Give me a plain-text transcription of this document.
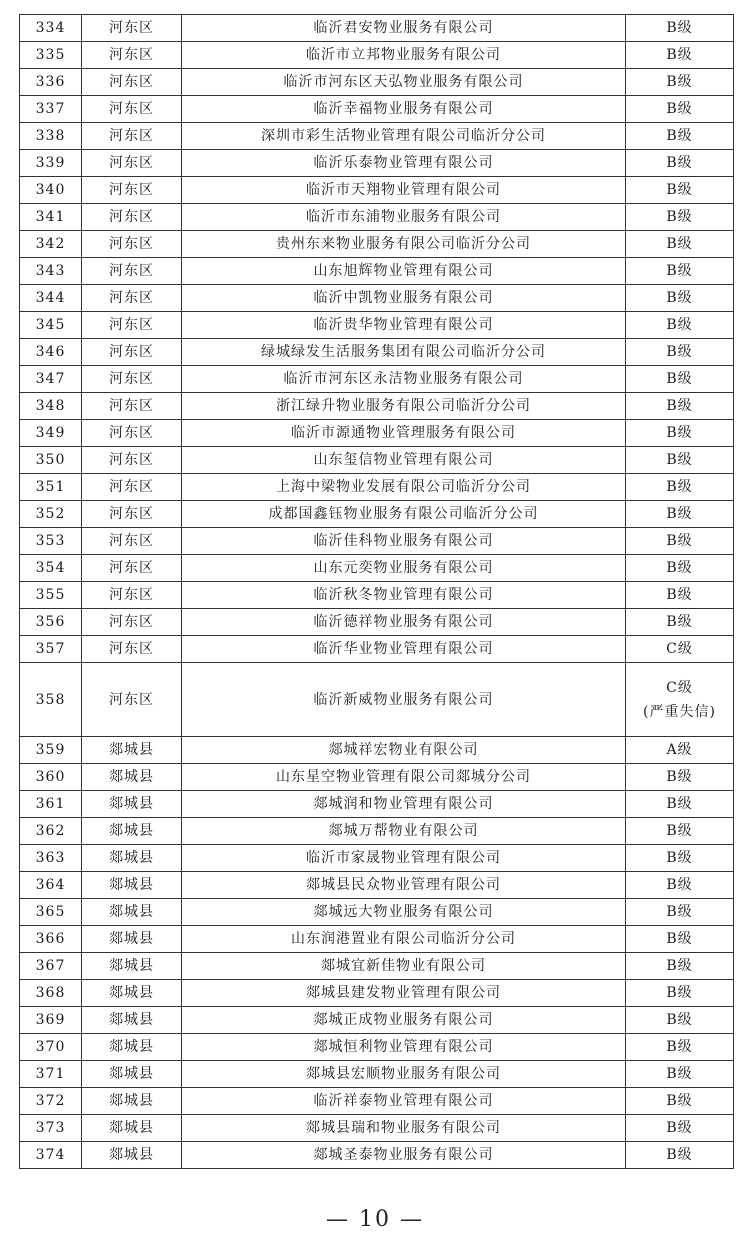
334	河东区	临沂君安物业服务有限公司	B级
335	河东区	临沂市立邦物业服务有限公司	B级
336	河东区	临沂市河东区天弘物业服务有限公司	B级
337	河东区	临沂幸福物业服务有限公司	B级
338	河东区	深圳市彩生活物业管理有限公司临沂分公司	B级
339	河东区	临沂乐泰物业管理有限公司	B级
340	河东区	临沂市天翔物业管理有限公司	B级
341	河东区	临沂市东浦物业服务有限公司	B级
342	河东区	贵州东来物业服务有限公司临沂分公司	B级
343	河东区	山东旭辉物业管理有限公司	B级
344	河东区	临沂中凯物业服务有限公司	B级
345	河东区	临沂贵华物业管理有限公司	B级
346	河东区	绿城绿发生活服务集团有限公司临沂分公司	B级
347	河东区	临沂市河东区永洁物业服务有限公司	B级
348	河东区	浙江绿升物业服务有限公司临沂分公司	B级
349	河东区	临沂市源通物业管理服务有限公司	B级
350	河东区	山东玺信物业管理有限公司	B级
351	河东区	上海中梁物业发展有限公司临沂分公司	B级
352	河东区	成都国鑫钰物业服务有限公司临沂分公司	B级
353	河东区	临沂佳科物业服务有限公司	B级
354	河东区	山东元奕物业服务有限公司	B级
355	河东区	临沂秋冬物业管理有限公司	B级
356	河东区	临沂德祥物业服务有限公司	B级
357	河东区	临沂华业物业管理有限公司	C级
358	河东区	临沂新威物业服务有限公司	C级
(严重失信)

359	郯城县	郯城祥宏物业有限公司	A级
360	郯城县	山东星空物业管理有限公司郯城分公司	B级
361	郯城县	郯城润和物业管理有限公司	B级
362	郯城县	郯城万帮物业有限公司	B级
363	郯城县	临沂市家晟物业管理有限公司	B级
364	郯城县	郯城县民众物业管理有限公司	B级
365	郯城县	郯城远大物业服务有限公司	B级
366	郯城县	山东润港置业有限公司临沂分公司	B级
367	郯城县	郯城宜新佳物业有限公司	B级
368	郯城县	郯城县建发物业管理有限公司	B级
369	郯城县	郯城正成物业服务有限公司	B级
370	郯城县	郯城恒利物业管理有限公司	B级
371	郯城县	郯城县宏顺物业服务有限公司	B级
372	郯城县	临沂祥泰物业管理有限公司	B级
373	郯城县	郯城县瑞和物业服务有限公司	B级
374	郯城县	郯城圣泰物业服务有限公司	B级
— 10 —
